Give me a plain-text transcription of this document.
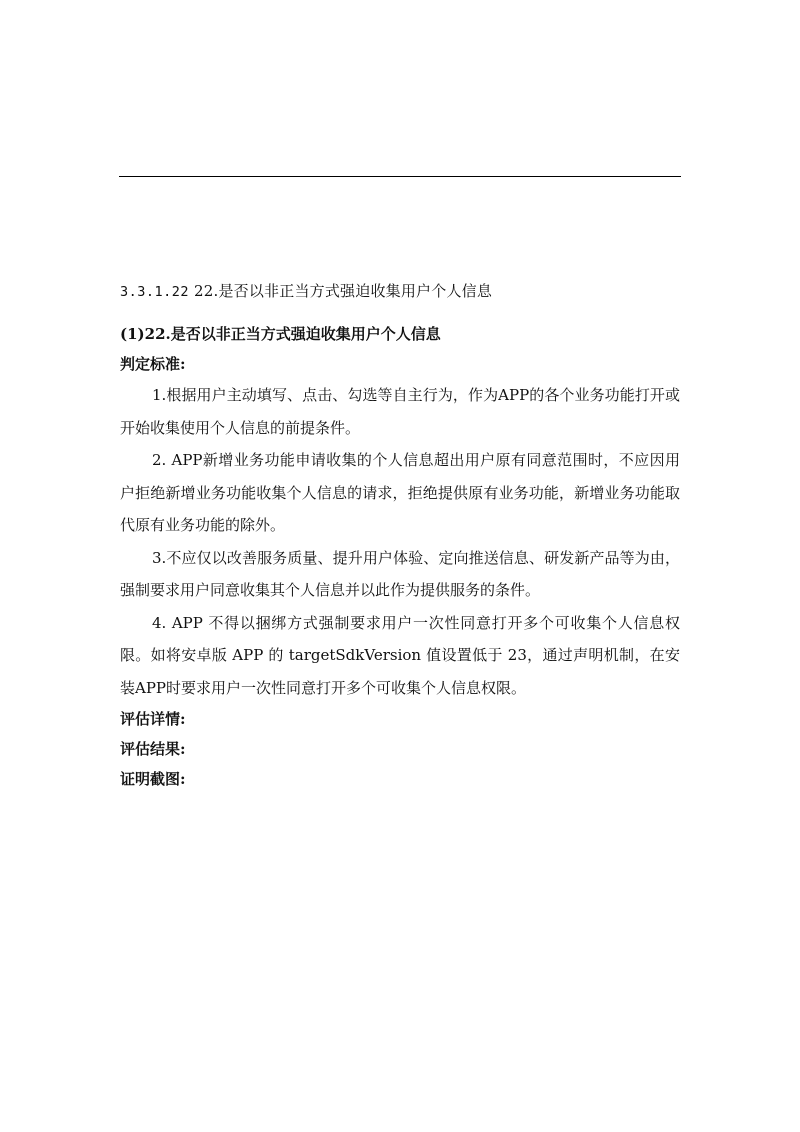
3.3.1.22 22.是否以非正当方式强迫收集用户个人信息

(1)22.是否以非正当方式强迫收集用户个人信息

判定标准:

1.根据用户主动填写、点击、勾选等自主行为，作为APP的各个业务功能打开或开始收集使用个人信息的前提条件。

2. APP新增业务功能申请收集的个人信息超出用户原有同意范围时，不应因用户拒绝新增业务功能收集个人信息的请求，拒绝提供原有业务功能，新增业务功能取代原有业务功能的除外。

3.不应仅以改善服务质量、提升用户体验、定向推送信息、研发新产品等为由，强制要求用户同意收集其个人信息并以此作为提供服务的条件。

4. APP 不得以捆绑方式强制要求用户一次性同意打开多个可收集个人信息权限。如将安卓版 APP 的 targetSdkVersion 值设置低于 23，通过声明机制，在安装APP时要求用户一次性同意打开多个可收集个人信息权限。

评估详情:

评估结果:

证明截图:
